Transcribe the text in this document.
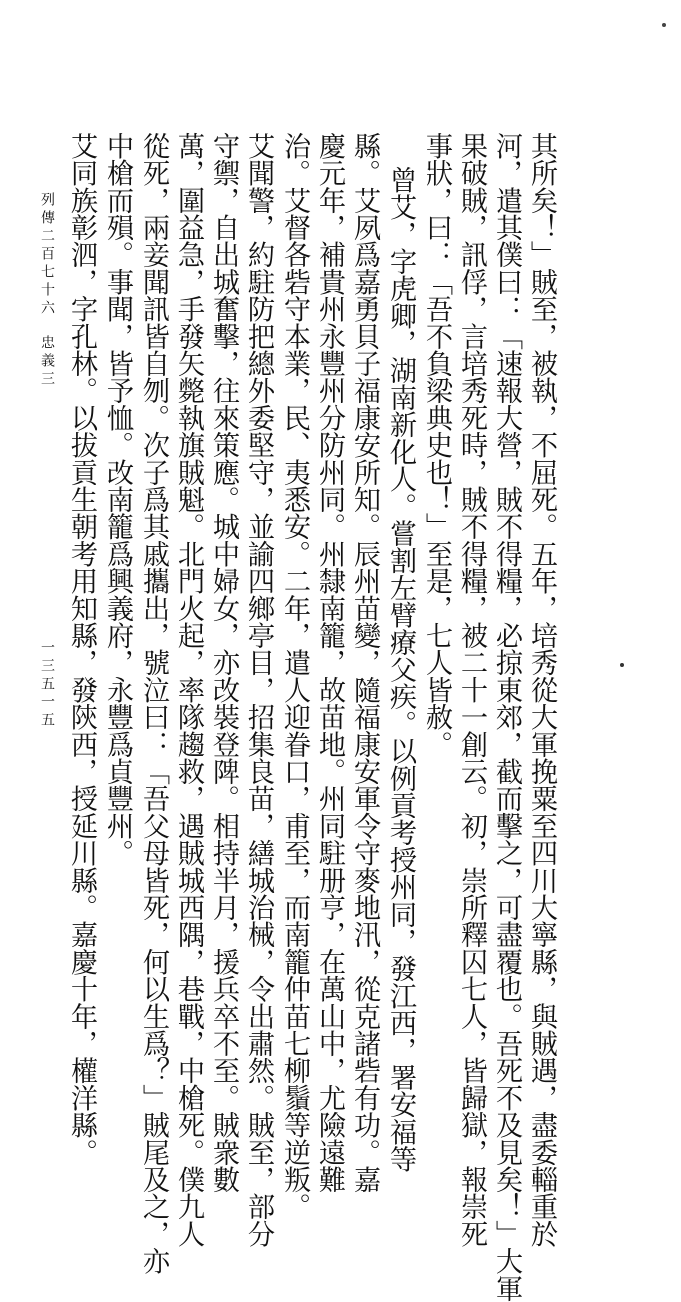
其所矣！」賊至，被執，不屈死。五年，培秀從大軍挽粟至四川大寧縣，與賊遇，盡委輜重於
河，遣其僕曰：「速報大營，賊不得糧，必掠東郊，截而擊之，可盡覆也。吾死不及見矣！」大軍
果破賊，訊俘，言培秀死時，賊不得糧，被二十一創云。初，崇所釋囚七人，皆歸獄，報崇死
事狀，曰：「吾不負梁典史也！」至是，七人皆赦。
曾艾，字虎卿，湖南新化人。嘗割左臂療父疾。以例貢考授州同，發江西，署安福等
縣。艾夙爲嘉勇貝子福康安所知。辰州苗變，隨福康安軍令守麥地汛，從克諸砦有功。嘉
慶元年，補貴州永豐州分防州同。州隸南籠，故苗地。州同駐册亨，在萬山中，尤險遠難
治。艾督各砦守本業，民、夷悉安。二年，遣人迎眷口，甫至，而南籠仲苗七柳鬚等逆叛。
艾聞警，約駐防把總外委堅守，並諭四鄉亭目，招集良苗，繕城治械，令出肅然。賊至，部分
守禦，自出城奮擊，往來策應。城中婦女，亦改裝登陴。相持半月，援兵卒不至。賊衆數
萬，圍益急，手發矢斃執旗賊魁。北門火起，率隊趨救，遇賊城西隅，巷戰，中槍死。僕九人
從死，兩妾聞訊皆自刎。次子爲其戚攜出，號泣曰：「吾父母皆死，何以生爲？」賊尾及之，亦
中槍而殞。事聞，皆予恤。改南籠爲興義府，永豐爲貞豐州。
艾同族彰泗，字孔林。以拔貢生朝考用知縣，發陝西，授延川縣。嘉慶十年，權洋縣。
列傳二百七十六
忠義三
一三五一五
